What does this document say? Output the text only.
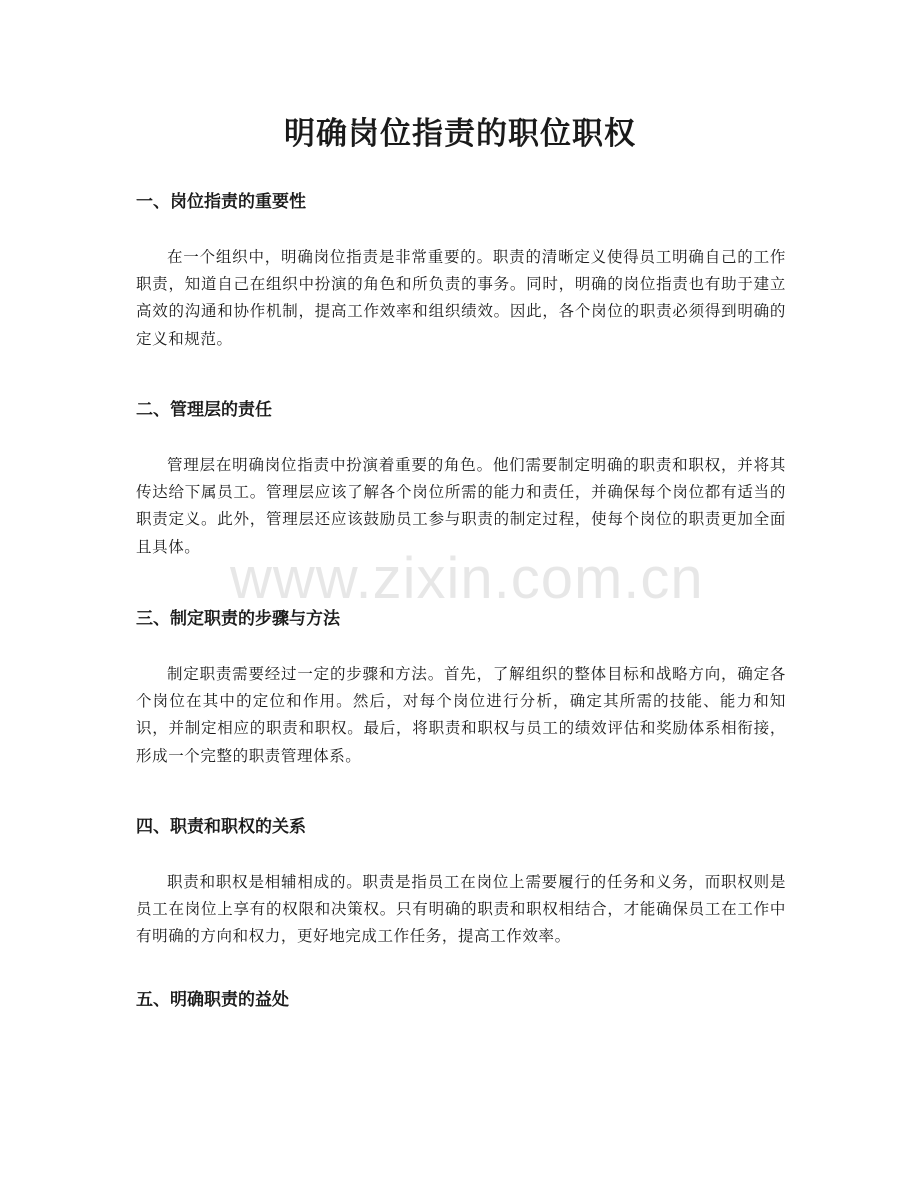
明确岗位指责的职位职权
一、岗位指责的重要性

在一个组织中，明确岗位指责是非常重要的。职责的清晰定义使得员工明确自己的工作职责，知道自己在组织中扮演的角色和所负责的事务。同时，明确的岗位指责也有助于建立高效的沟通和协作机制，提高工作效率和组织绩效。因此，各个岗位的职责必须得到明确的定义和规范。

二、管理层的责任

管理层在明确岗位指责中扮演着重要的角色。他们需要制定明确的职责和职权，并将其传达给下属员工。管理层应该了解各个岗位所需的能力和责任，并确保每个岗位都有适当的职责定义。此外，管理层还应该鼓励员工参与职责的制定过程，使每个岗位的职责更加全面且具体。

三、制定职责的步骤与方法

制定职责需要经过一定的步骤和方法。首先，了解组织的整体目标和战略方向，确定各个岗位在其中的定位和作用。然后，对每个岗位进行分析，确定其所需的技能、能力和知识，并制定相应的职责和职权。最后，将职责和职权与员工的绩效评估和奖励体系相衔接，形成一个完整的职责管理体系。

四、职责和职权的关系

职责和职权是相辅相成的。职责是指员工在岗位上需要履行的任务和义务，而职权则是员工在岗位上享有的权限和决策权。只有明确的职责和职权相结合，才能确保员工在工作中有明确的方向和权力，更好地完成工作任务，提高工作效率。

五、明确职责的益处
www.zixin.com.cn
